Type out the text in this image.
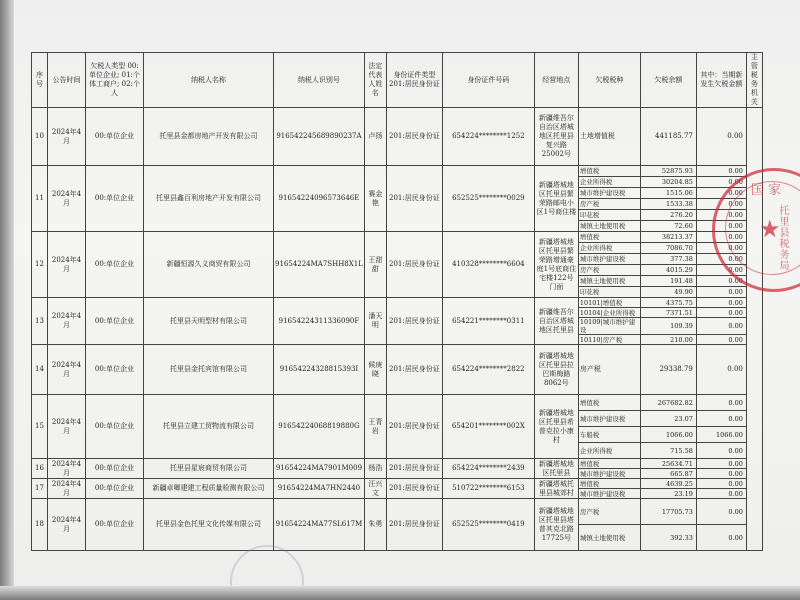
序号	公告时间	欠税人类型 00:单位企业; 01:个体工商户; 02:个人	纳税人名称	纳税人识别号	法定代表人姓名	身份证件类型 201:居民身份证	身份证件号码	经营地点	欠税税种	欠税余额	其中：当期新发生欠税金额	主管税务机关
10	2024年4月	00:单位企业	托里县金都房地产开发有限公司	916542245689890237A	卢扬	201:居民身份证	654224********1252	新疆维吾尔自治区塔城地区托里县复兴路25002号	土地增值税	441185.77	0.00	
11	2024年4月	00:单位企业	托里县鑫百利房地产开发有限公司	91654224096573646E	赛金艳	201:居民身份证	652525********0029	新疆塔城地区托里县繁荣路邮电小区1号商住楼	增值税	52875.93	0.00	
									企业所得税	30204.85	0.00	
									城市维护建设税	1515.06	0.00	
									房产税	1533.38	0.00	
									印花税	276.20	0.00	
									城镇土地使用税	72.60	0.00	
12	2024年4月	00:单位企业	新疆恒源久义商贸有限公司	91654224MA7SHH8X1L	王甜甜	201:居民身份证	410328********6604	新疆塔城地区托里县繁荣路增通豪庭1号底商住宅楼122号门面	增值税	38213.37	0.00	
									企业所得税	7086.70	0.00	
									城市维护建设税	377.38	0.00	
									房产税	4015.29	0.00	
									城镇土地使用税	191.48	0.00	
									印花税	49.90	0.00	
13	2024年4月	00:单位企业	托里县天明型材有限公司	91654224311336090F	潘天明	201:居民身份证	654221********0311	新疆维吾尔自治区塔城地区托里县	10101|增值税	4375.75	0.00	
									10104|企业所得税	7371.51	0.00	
									10109|城市维护建设	109.39	0.00	
									10110|房产税	210.00	0.00	
14	2024年4月	00:单位企业	托里县金托宾馆有限公司	91654224328815393I	候庚晓	201:居民身份证	654224********2822	新疆塔城地区托里县拉巴斯梅路8062号	房产税	29338.79	0.00	
15	2024年4月	00:单位企业	托里县立建工贸物流有限公司	91654224068819880G	王青岩	201:居民身份证	654201********002X	新疆塔城地区托里县希普克拉小康村	增值税	267682.82	0.00	
									城市维护建设税	23.07	0.00	
									车船税	1066.00	1066.00	
									企业所得税	715.58	0.00	
16	2024年4月	00:单位企业	托里县星宸商贸有限公司	91654224MA7901M009	杨浩	201:居民身份证	654224********2439	新疆塔城地区托里县	增值税	25634.71	0.00	
									城市维护建设税	665.87	0.00	
17	2024年4月	00:单位企业	新疆卓卿建建工程质量检测有限公司	91654224MA7HN2440	汪兴文	201:居民身份证	510722********6153	新疆塔城托里县城郊村	增值税	4639.25	0.00	
									城市维护建设税	23.19	0.00	
18	2024年4月	00:单位企业	托里县金色托里文化传媒有限公司	91654224MA77SL617M	朱勇	201:居民身份证	652525********0419	新疆塔城地区托里县塔普其克北路17725号	房产税	17705.73	0.00	
									城镇土地使用税	392.33	0.00	
国家
托里县税务局
★
